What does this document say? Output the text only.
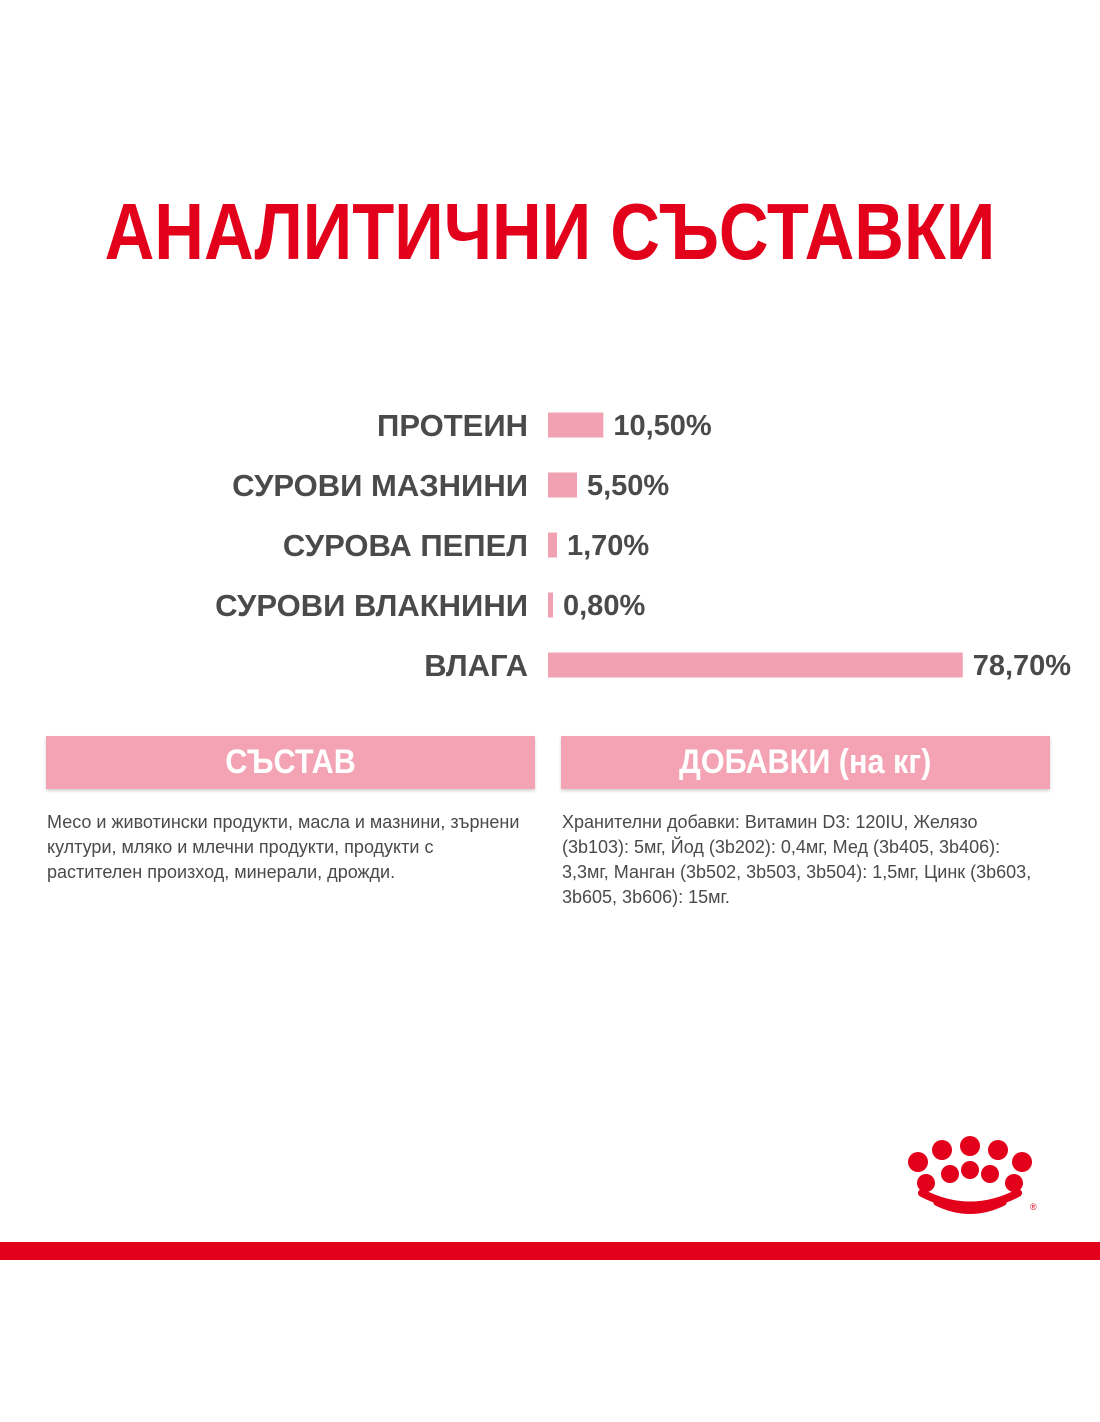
АНАЛИТИЧНИ СЪСТАВКИ
ПРОТЕИН	10,50%
СУРОВИ МАЗНИНИ 5,50%
СУРОВА ПЕПЕЛ 1,70%
СУРОВИ ВЛАКНИНИ 0,80%
ВЛАГА	78,70%
СЪСТАВ	ДОБАВКИ (на кг)

Месо и животински продукти, масла и мазнини, зърнени култури, мляко и млечни продукти, продукти с растителен произход, минерали, дрожди.

Хранителни добавки: Витамин D3: 120IU, Желязо (3b103): 5мг, Йод (3b202): 0,4мг, Мед (3b405, 3b406): 3,3мг, Манган (3b502, 3b503, 3b504): 1,5мг, Цинк (3b603, 3b605, 3b606): 15мг.

®
